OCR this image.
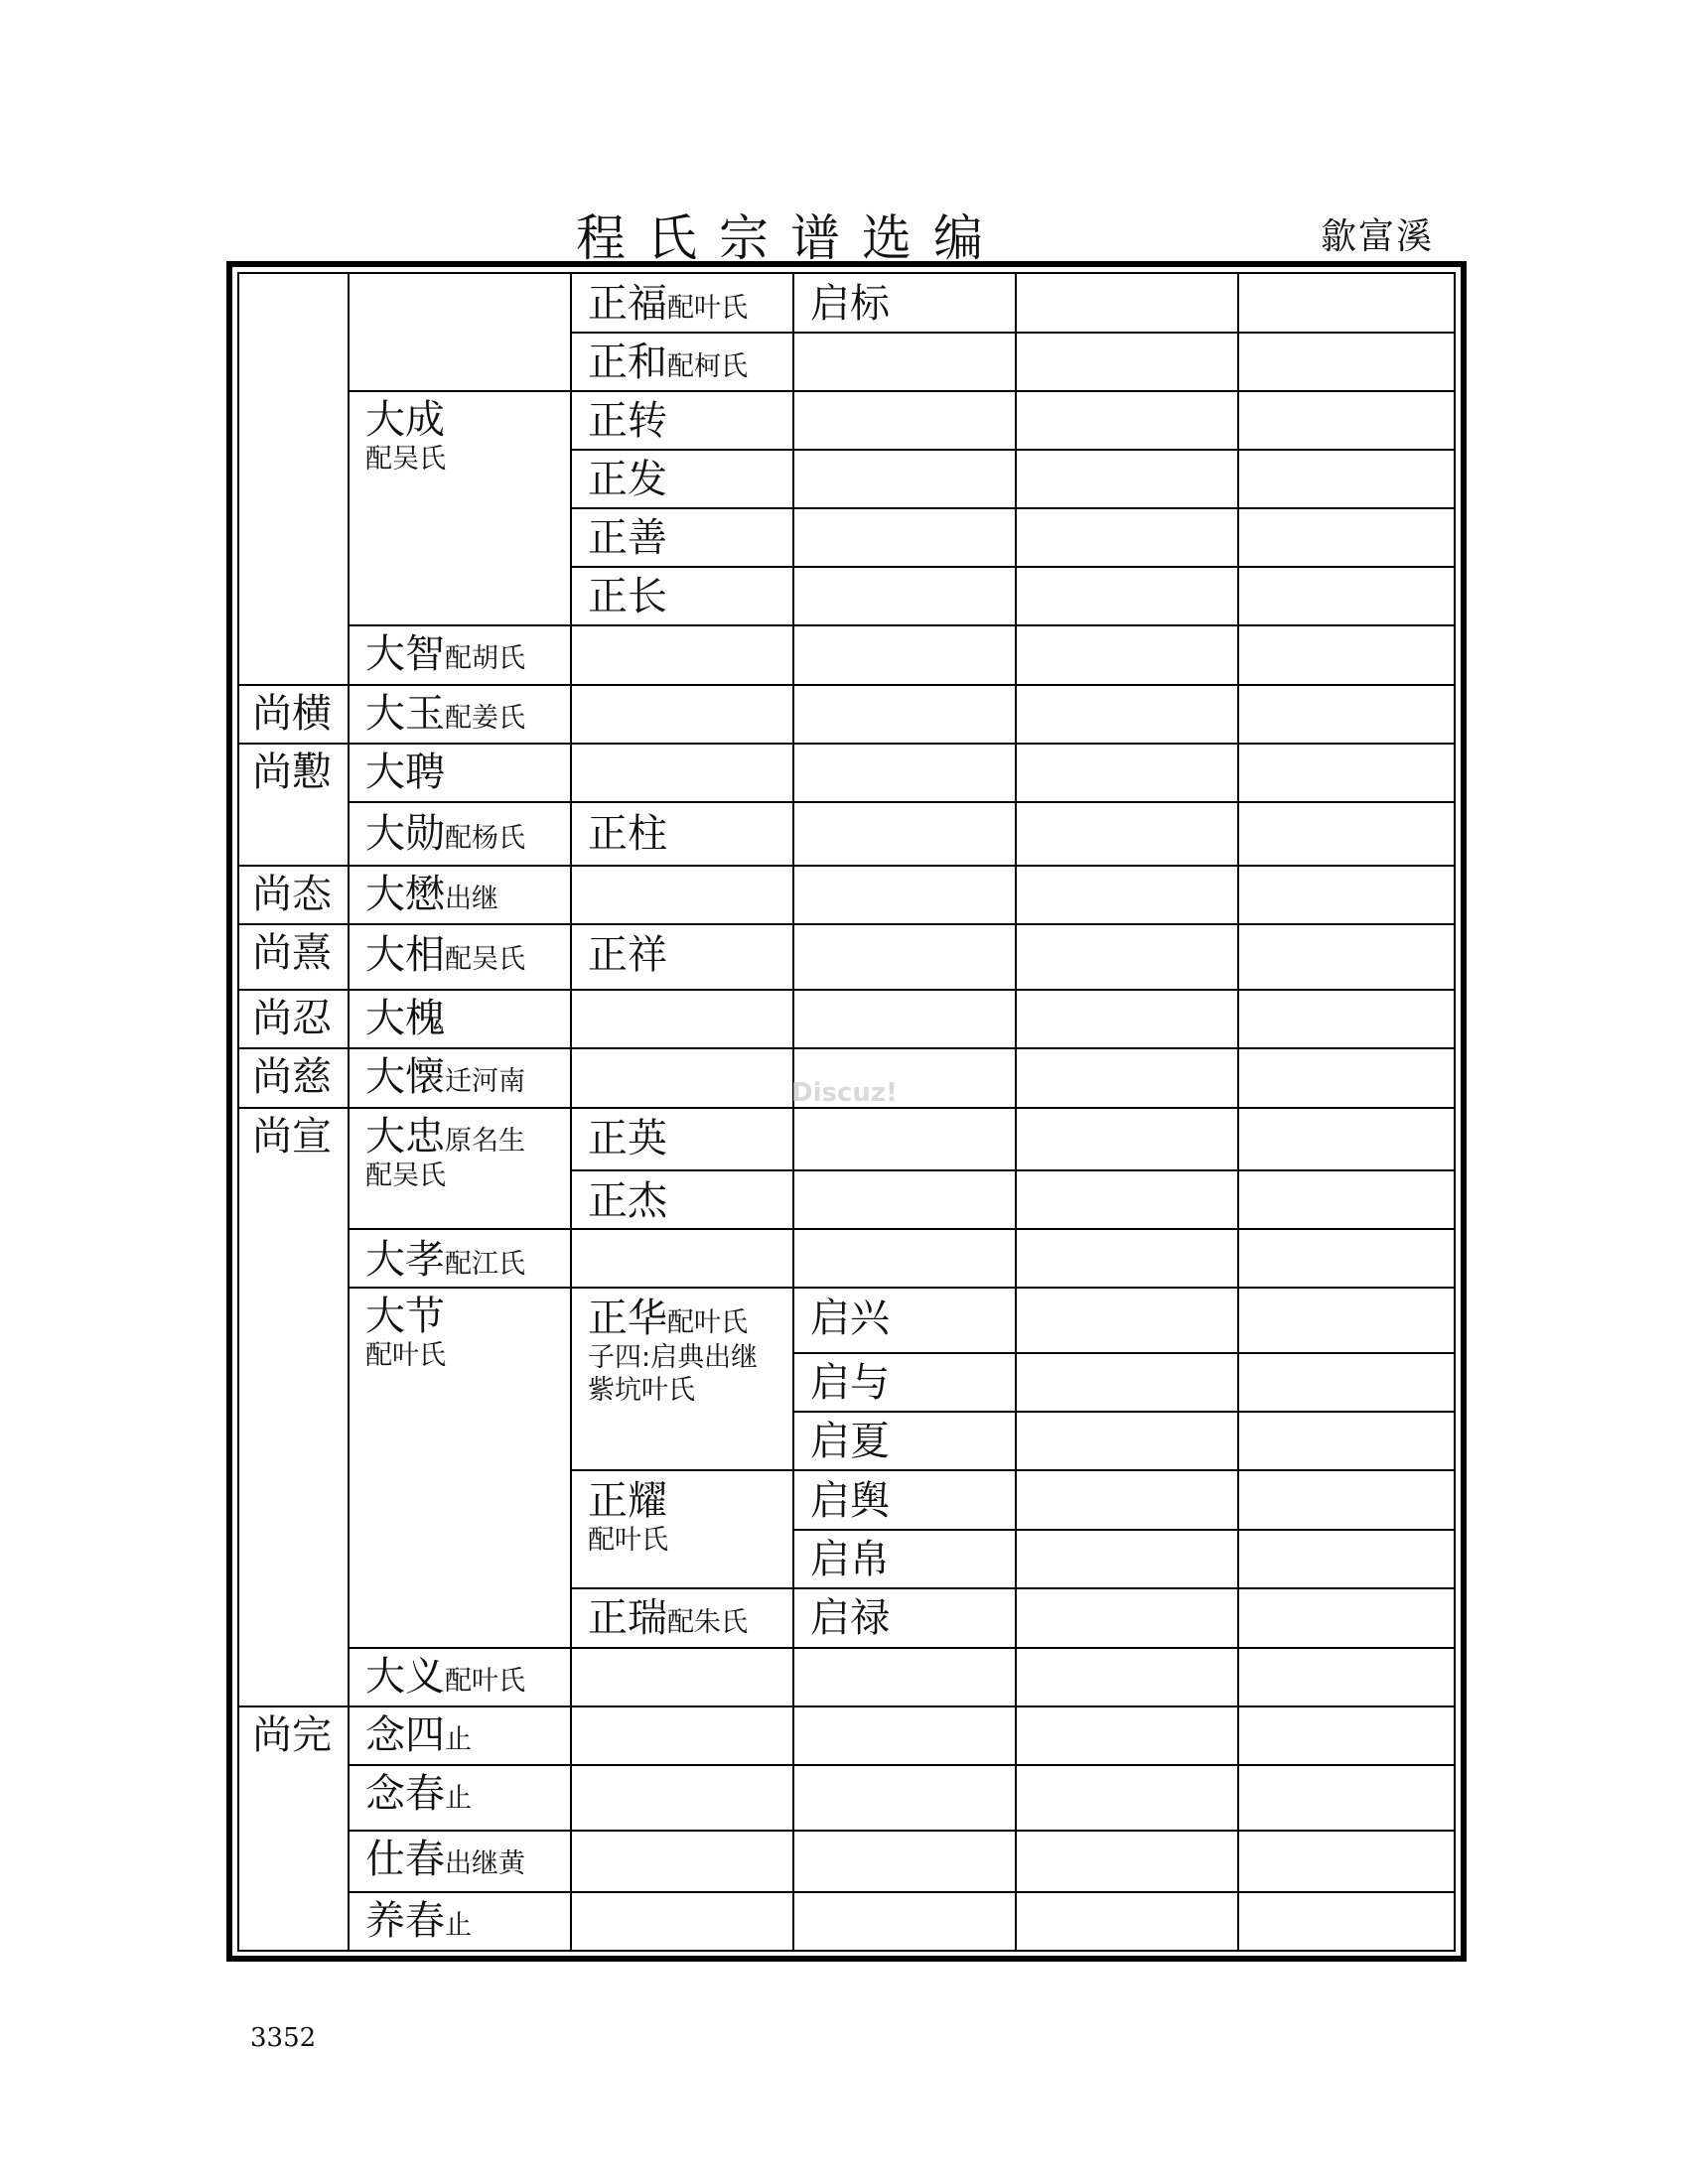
程氏宗谱选编	歙富溪
尚横
尚懃
尚态
尚熹
尚忍
尚慈
尚宣
尚完
大成
配吴氏
大智配胡氏
大玉配姜氏
大聘
大勋配杨氏
大懋出继
大相配吴氏
大槐
大懐迁河南
大忠原名生
配吴氏
大孝配江氏
大节
配叶氏
大义配叶氏
念四止
念春止
仕春出继黄
养春止
正福配叶氏
正和配柯氏
正转
正发
正善
正长
正柱
正祥
正英
正杰
正华配叶氏
子四:启典出继
紫坑叶氏
正耀
配叶氏
正瑞配朱氏
启标
启兴
启与
启夏
启舆
启帛
启禄
Discuz!
3352
